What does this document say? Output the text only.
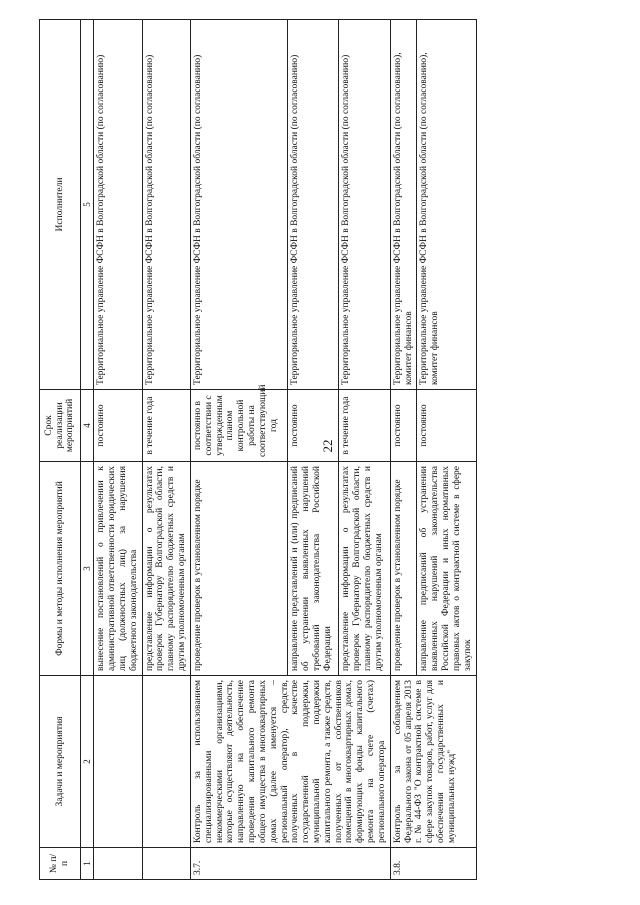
22
№ п/п	Задачи и мероприятия	Формы и методы исполнения мероприятий	Срок реализации мероприятий	Исполнители
1	2	3	4	5
		вынесение постановлений о привлечении к административной ответственности юридических лиц (должностных лиц) за нарушения бюджетного законодательства	постоянно	Территориальное управление ФСФН в Волгоградской области (по согласованию)
		представление информации о результатах проверок Губернатору Волгоградской области, главному распорядителю бюджетных средств и другим уполномоченным органам	в течение года	Территориальное управление ФСФН в Волгоградской области (по согласованию)
3.7.	Контроль за использованием специализированными некоммерческими организациями, которые осуществляют деятельность, направленную на обеспечение проведения капитального ремонта общего имущества в многоквартирных домах (далее именуется – региональный оператор), средств, полученных в качестве государственной поддержки, муниципальной поддержки капитального ремонта, а также средств, полученных от собственников помещений в многоквартирных домах, формирующих фонды капитального ремонта на счете (счетах) регионального оператора	проведение проверок в установленном порядке	постоянно в соответствии с утвержденным планом контрольной работы на соответствующий год	Территориальное управление ФСФН в Волгоградской области (по согласованию)
		направление представлений и (или) предписаний об устранении выявленных нарушений требований законодательства Российской Федерации	постоянно	Территориальное управление ФСФН в Волгоградской области (по согласованию)
		представление информации о результатах проверок Губернатору Волгоградской области, главному распорядителю бюджетных средств и другим уполномоченным органам	в течение года	Территориальное управление ФСФН в Волгоградской области (по согласованию)
3.8.	Контроль за соблюдением Федерального закона от 05 апреля 2013 г. № 44-ФЗ "О контрактной системе в сфере закупок товаров, работ, услуг для обеспечения государственных и муниципальных нужд"	проведение проверок в установленном порядке	постоянно	Территориальное управление ФСФН в Волгоградской области (по согласованию), комитет финансов
		направление предписаний об устранении выявленных нарушений законодательства Российской Федерации и иных нормативных правовых актов о контрактной системе в сфере закупок	постоянно	Территориальное управление ФСФН в Волгоградской области (по согласованию), комитет финансов
